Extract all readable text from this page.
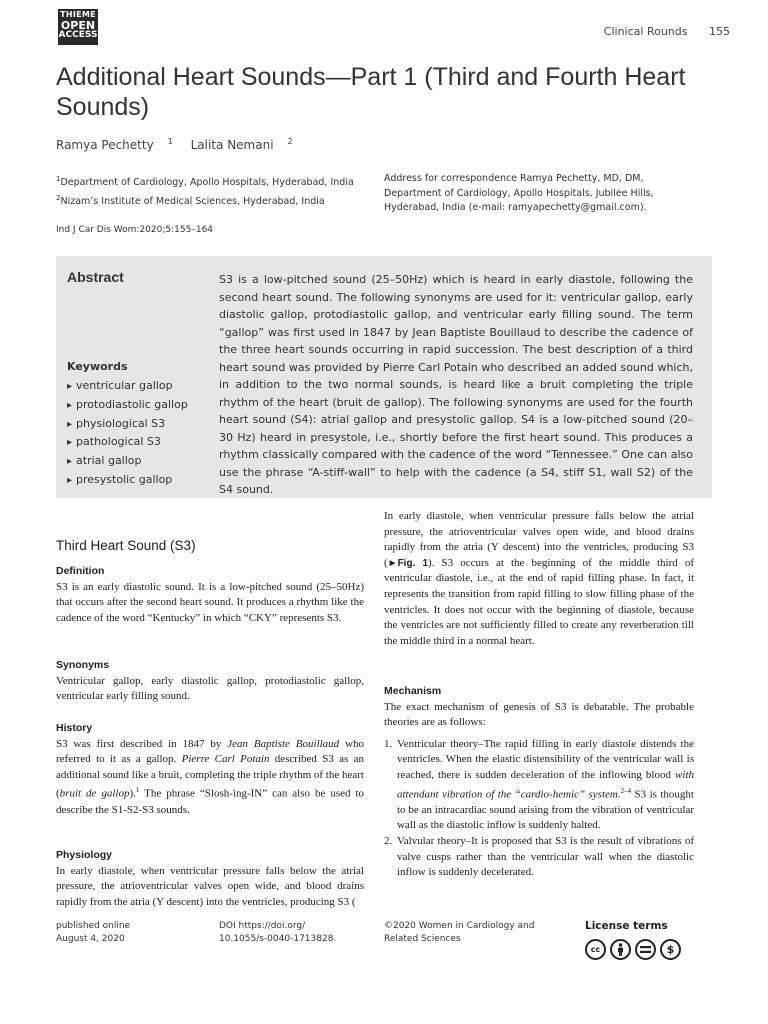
THIEME
OPEN
ACCESS	Clinical Rounds 155
Additional Heart Sounds—Part 1 (Third and Fourth Heart Sounds)
Ramya Pechetty $^1$ Lalita Nemani $^2$
$^1$Department of Cardiology, Apollo Hospitals, Hyderabad, India
$^2$Nizam’s Institute of Medical Sciences, Hyderabad, India
Address for correspondence Ramya Pechetty, MD, DM, Department of Cardiology, Apollo Hospitals, Jubilee Hills, Hyderabad, India (e-mail: ramyapechetty@gmail.com).
Ind J Car Dis Wom:2020;5:155–164
Abstract	S3 is a low-pitched sound (25–50Hz) which is heard in early diastole, following the second heart sound. The following synonyms are used for it: ventricular gallop, early diastolic gallop, protodiastolic gallop, and ventricular early filling sound. The term “gallop” was first used in 1847 by Jean Baptiste Bouillaud to describe the cadence of the three heart sounds occurring in rapid succession. The best description of a third heart sound was provided by Pierre Carl Potain who described an added sound which, in addition to the two normal sounds, is heard like a bruit completing the triple rhythm of the heart (bruit de gallop). The following synonyms are used for the fourth heart sound (S4): atrial gallop and presystolic gallop. S4 is a low-pitched sound (20–30 Hz) heard in presystole, i.e., shortly before the first heart sound. This produces a rhythm classically compared with the cadence of the word “Tennessee.” One can also use the phrase “A-stiff-wall” to help with the cadence (a S4, stiff S1, wall S2) of the S4 sound.

Keywords
▸ ventricular gallop
▸ protodiastolic gallop
▸ physiological S3
▸ pathological S3
▸ atrial gallop
▸ presystolic gallop
Third Heart Sound (S3)
Definition
S3 is an early diastolic sound. It is a low-pitched sound (25–50Hz) that occurs after the second heart sound. It produces a rhythm like the cadence of the word “Kentucky” in which “CKY” represents S3.
Synonyms
Ventricular gallop, early diastolic gallop, protodiastolic gallop, ventricular early filling sound.
History
S3 was first described in 1847 by Jean Baptiste Bouillaud who referred to it as a gallop. Pierre Carl Potain described S3 as an additional sound like a bruit, completing the triple rhythm of the heart (bruit de gallop).$^1$ The phrase “Slosh-ing-IN” can also be used to describe the S1-S2-S3 sounds.
Physiology
In early diastole, when ventricular pressure falls below the atrial pressure, the atrioventricular valves open wide, and blood drains rapidly from the atria (Y descent) into the ventricles, producing S3 (
In early diastole, when ventricular pressure falls below the atrial pressure, the atrioventricular valves open wide, and blood drains rapidly from the atria (Y descent) into the ventricles, producing S3 (►Fig. 1). S3 occurs at the beginning of the middle third of ventricular diastole, i.e., at the end of rapid filling phase. In fact, it represents the transition from rapid filling to slow filling phase of the ventricles. It does not occur with the beginning of diastole, because the ventricles are not sufficiently filled to create any reverberation till the middle third in a normal heart.
Mechanism
The exact mechanism of genesis of S3 is debatable. The probable theories are as follows:
1. Ventricular theory–The rapid filling in early diastole distends the ventricles. When the elastic distensibility of the ventricular wall is reached, there is sudden deceleration of the inflowing blood with attendant vibration of the “cardio-hemic” system.$^{2-4}$ S3 is thought to be an intracardiac sound arising from the vibration of ventricular wall as the diastolic inflow is suddenly halted.
2. Valvular theory–It is proposed that S3 is the result of vibrations of valve cusps rather than the ventricular wall when the diastolic inflow is suddenly decelerated.
published online
August 4, 2020
DOI https://doi.org/
10.1055/s-0040-1713828.
©2020 Women in Cardiology and
Related Sciences
License terms
cc	$
